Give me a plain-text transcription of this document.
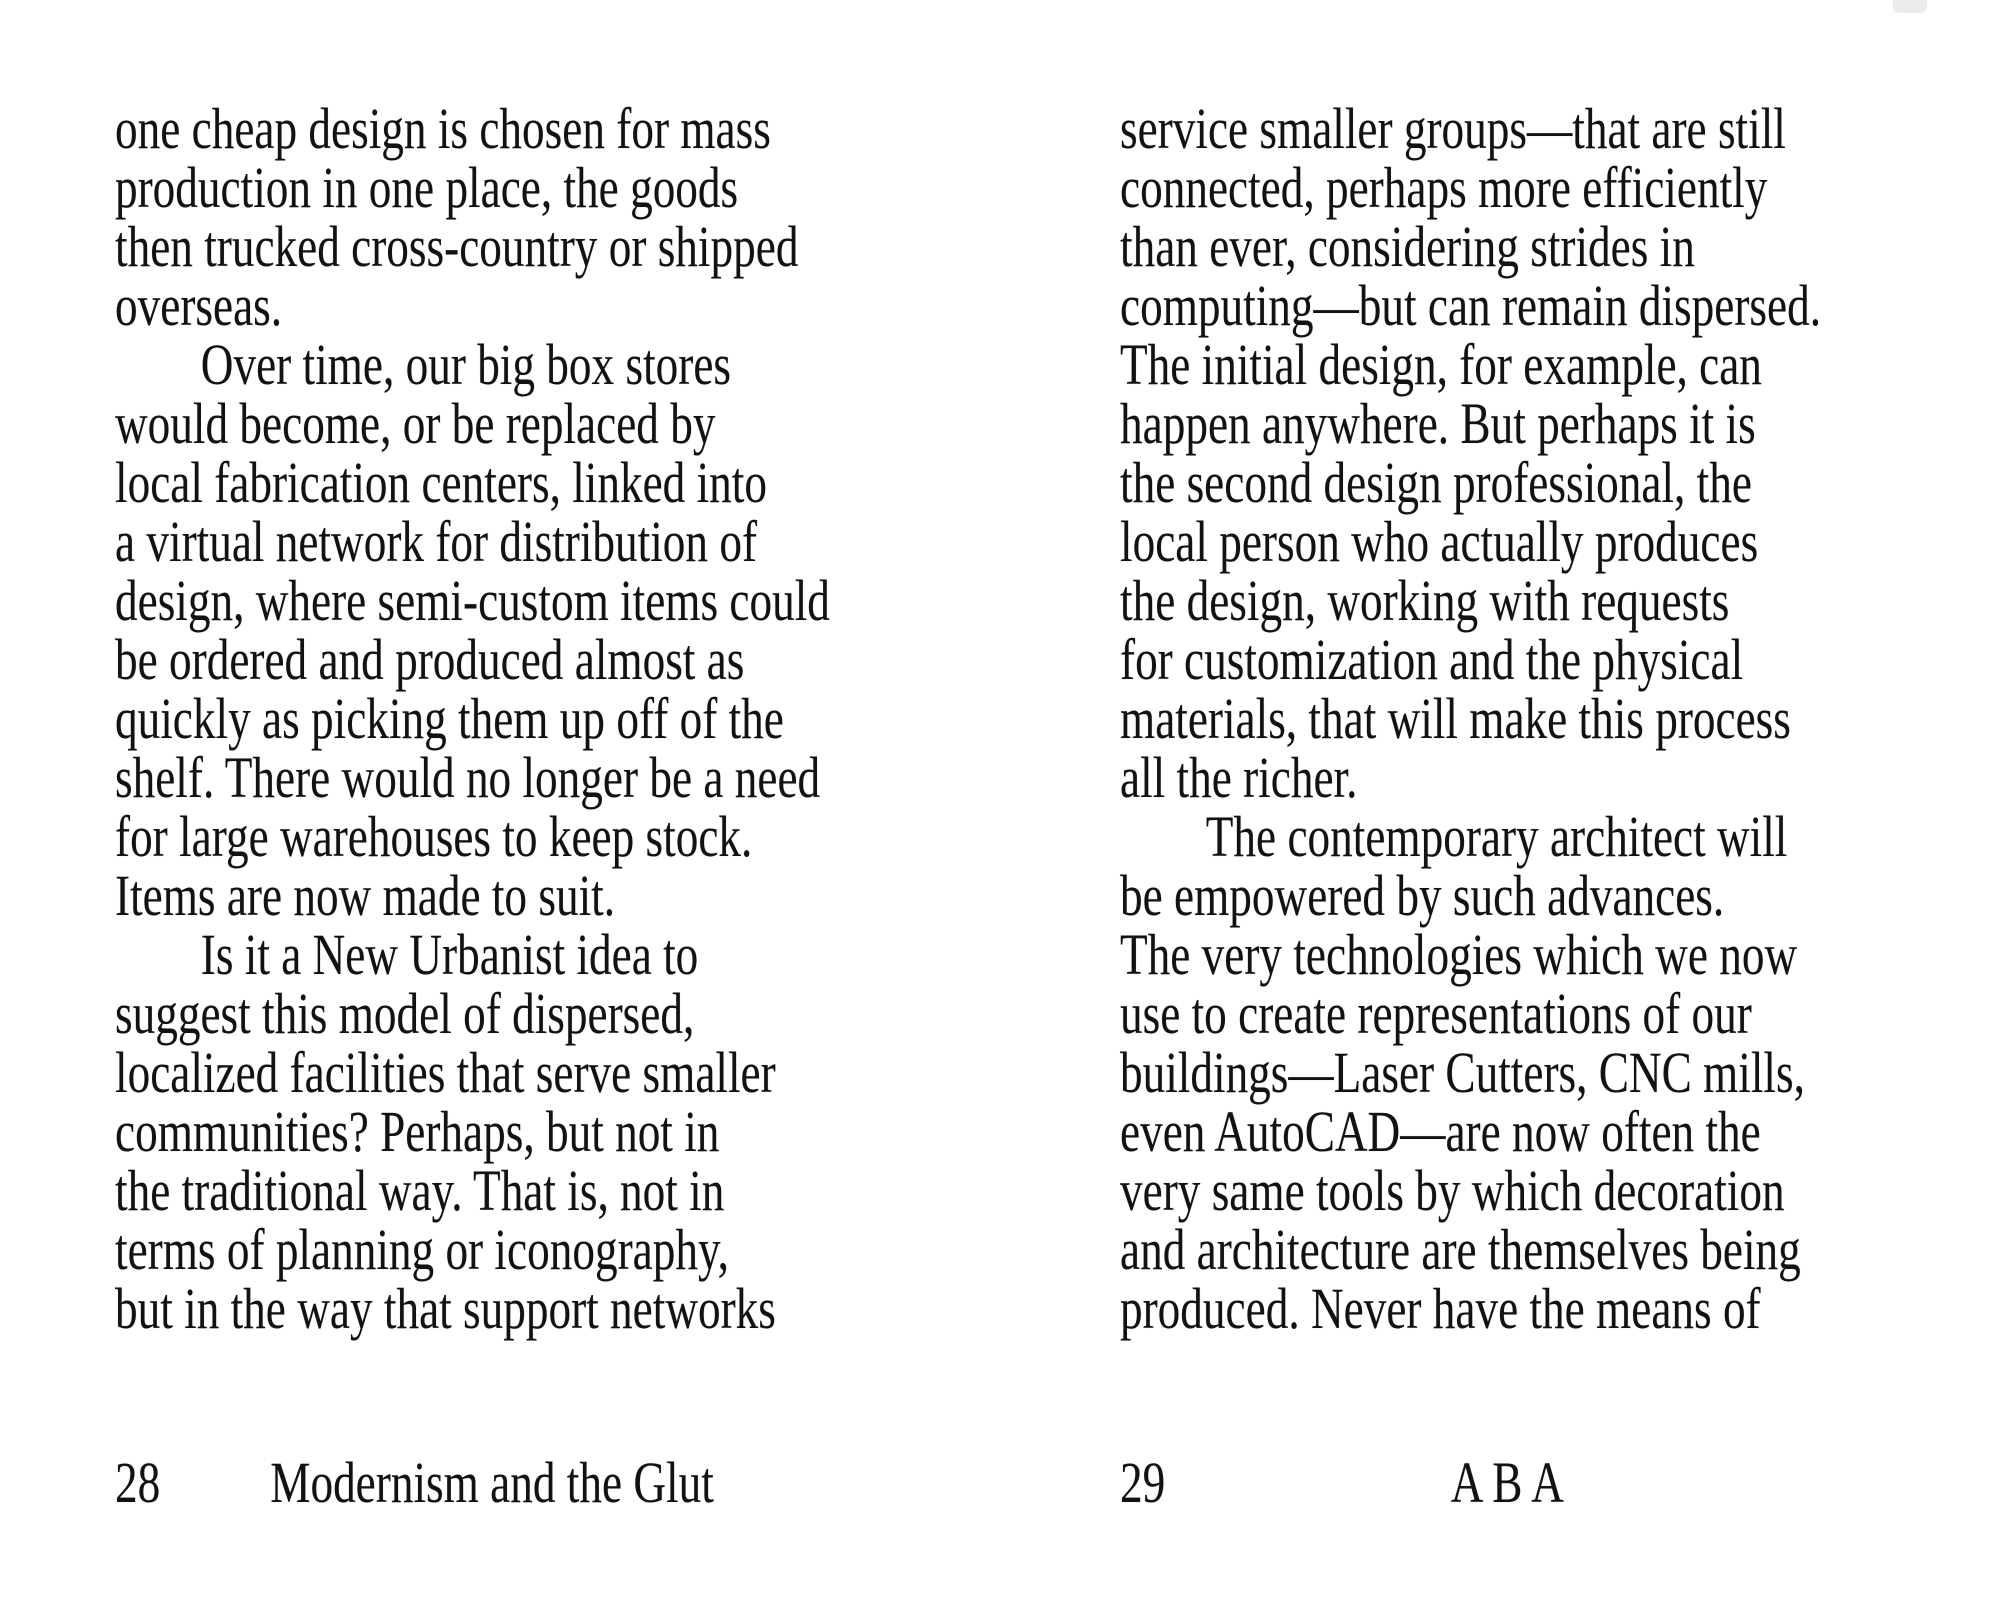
one cheap design is chosen for mass
production in one place, the goods
then trucked cross-country or shipped
overseas.
Over time, our big box stores
would become, or be replaced by
local fabrication centers, linked into
a virtual network for distribution of
design, where semi-custom items could
be ordered and produced almost as
quickly as picking them up off of the
shelf. There would no longer be a need
for large warehouses to keep stock.
Items are now made to suit.
Is it a New Urbanist idea to
suggest this model of dispersed,
localized facilities that serve smaller
communities? Perhaps, but not in
the traditional way. That is, not in
terms of planning or iconography,
but in the way that support networks
28 Modernism and the Glut
service smaller groups—that are still
connected, perhaps more efficiently
than ever, considering strides in
computing—but can remain dispersed.
The initial design, for example, can
happen anywhere. But perhaps it is
the second design professional, the
local person who actually produces
the design, working with requests
for customization and the physical
materials, that will make this process
all the richer.
The contemporary architect will
be empowered by such advances.
The very technologies which we now
use to create representations of our
buildings—Laser Cutters, CNC mills,
even AutoCAD—are now often the
very same tools by which decoration
and architecture are themselves being
produced. Never have the means of
29	A B A
